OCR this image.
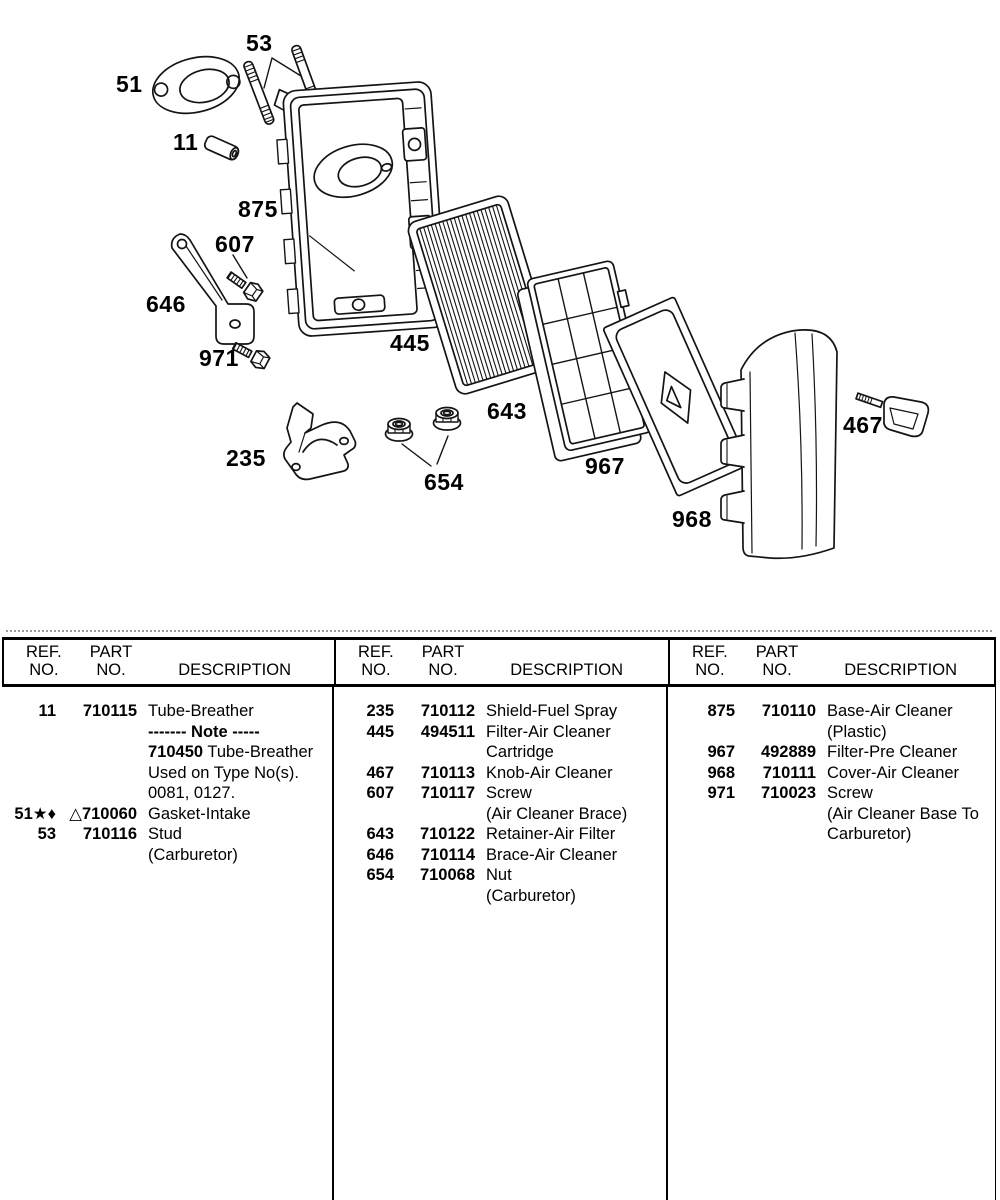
53
51
11
875
607
646
971
445
643
235
654
967
467
968
REF.
NO.
PART
NO.	DESCRIPTION
REF.
NO.
PART
NO.	DESCRIPTION
REF.
NO.
PART
NO.	DESCRIPTION
11	710115 Tube-Breather
------- Note -----
710450 Tube-Breather
Used on Type No(s).
0081, 0127.
51★♦ △710060 Gasket-Intake
53	710116 Stud
(Carburetor)
235	710112 Shield-Fuel Spray
445	494511 Filter-Air Cleaner
Cartridge
467	710113 Knob-Air Cleaner
607	710117 Screw
(Air Cleaner Brace)
643	710122 Retainer-Air Filter
646	710114 Brace-Air Cleaner
654	710068 Nut
(Carburetor)
875	710110 Base-Air Cleaner
(Plastic)
967	492889 Filter-Pre Cleaner
968	710111 Cover-Air Cleaner
971	710023 Screw
(Air Cleaner Base To
Carburetor)
